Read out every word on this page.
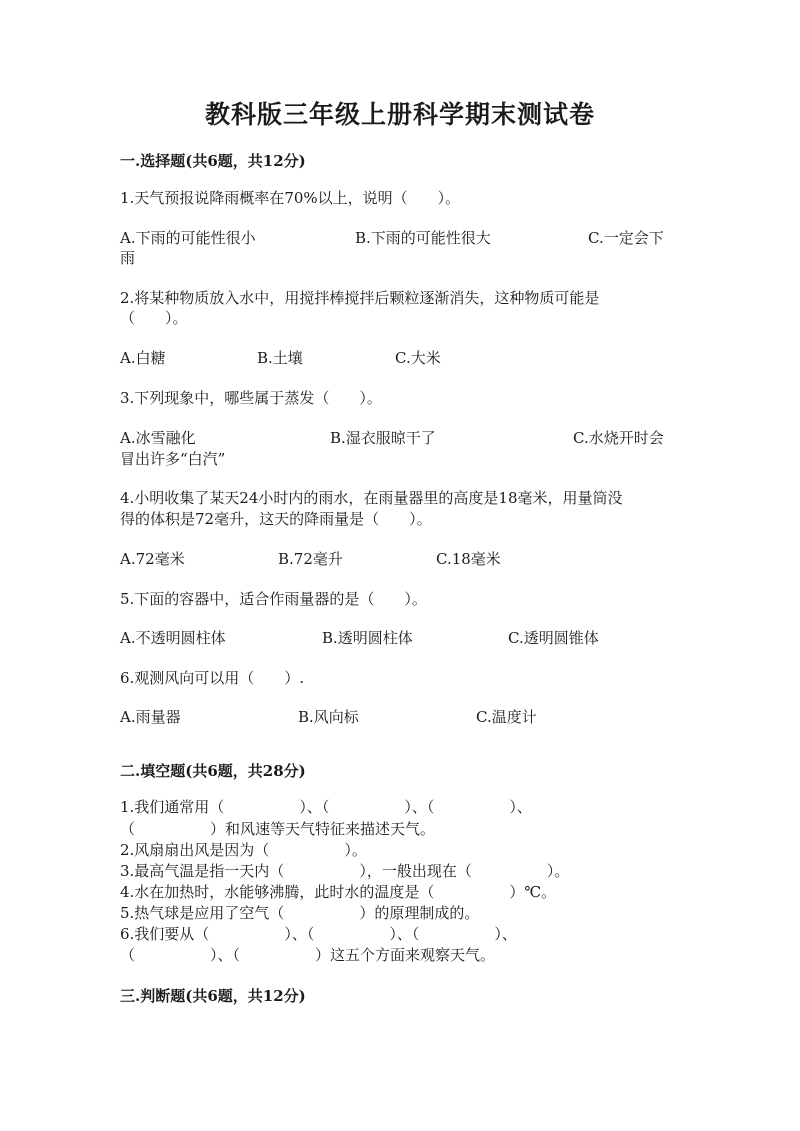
教科版三年级上册科学期末测试卷
一.选择题(共6题，共12分)
1.天气预报说降雨概率在70%以上，说明（　　）。
A.下雨的可能性很小	B.下雨的可能性很大	C.一定会下
雨
2.将某种物质放入水中，用搅拌棒搅拌后颗粒逐渐消失，这种物质可能是
（　　）。
A.白糖	B.土壤	C.大米
3.下列现象中，哪些属于蒸发（　　）。
A.冰雪融化	B.湿衣服晾干了	C.水烧开时会
冒出许多“白汽”
4.小明收集了某天24小时内的雨水，在雨量器里的高度是18毫米，用量筒没
得的体积是72毫升，这天的降雨量是（　　）。
A.72毫米	B.72毫升	C.18毫米
5.下面的容器中，适合作雨量器的是（　　）。
A.不透明圆柱体	B.透明圆柱体	C.透明圆锥体
6.观测风向可以用（　　）.
A.雨量器	B.风向标	C.温度计
二.填空题(共6题，共28分)
1.我们通常用（　　　　　）、（　　　　　）、（　　　　　）、
（　　　　　）和风速等天气特征来描述天气。
2.风扇扇出风是因为（　　　　　）。
3.最高气温是指一天内（　　　　　），一般出现在（　　　　　）。
4.水在加热时，水能够沸腾，此时水的温度是（　　　　　）℃。
5.热气球是应用了空气（　　　　　）的原理制成的。
6.我们要从（　　　　　）、（　　　　　）、（　　　　　）、
（　　　　　）、（　　　　　）这五个方面来观察天气。
三.判断题(共6题，共12分)
